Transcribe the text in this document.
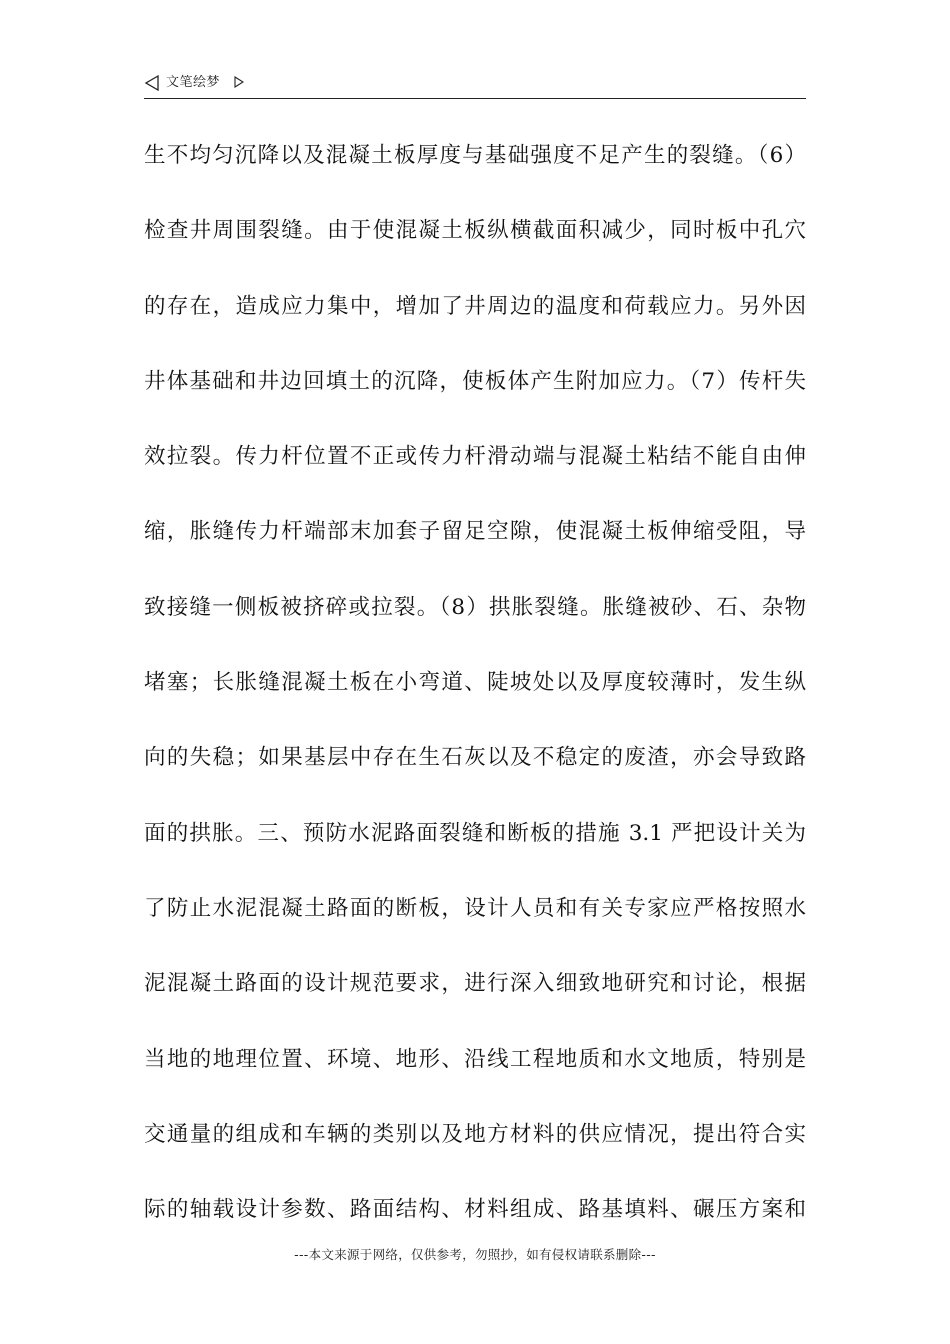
文笔绘梦
生不均匀沉降以及混凝土板厚度与基础强度不足产生的裂缝。（6）
检查井周围裂缝。由于使混凝土板纵横截面积减少，同时板中孔穴
的存在，造成应力集中，增加了井周边的温度和荷载应力。另外因
井体基础和井边回填土的沉降，使板体产生附加应力。（7）传杆失
效拉裂。传力杆位置不正或传力杆滑动端与混凝土粘结不能自由伸
缩，胀缝传力杆端部末加套子留足空隙，使混凝土板伸缩受阻，导
致接缝一侧板被挤碎或拉裂。（8）拱胀裂缝。胀缝被砂、石、杂物
堵塞；长胀缝混凝土板在小弯道、陡坡处以及厚度较薄时，发生纵
向的失稳；如果基层中存在生石灰以及不稳定的废渣，亦会导致路
面的拱胀。三、预防水泥路面裂缝和断板的措施 3.1 严把设计关为
了防止水泥混凝土路面的断板，设计人员和有关专家应严格按照水
泥混凝土路面的设计规范要求，进行深入细致地研究和讨论，根据
当地的地理位置、环境、地形、沿线工程地质和水文地质，特别是
交通量的组成和车辆的类别以及地方材料的供应情况，提出符合实
际的轴载设计参数、路面结构、材料组成、路基填料、碾压方案和
---本文来源于网络，仅供参考，勿照抄，如有侵权请联系删除---
